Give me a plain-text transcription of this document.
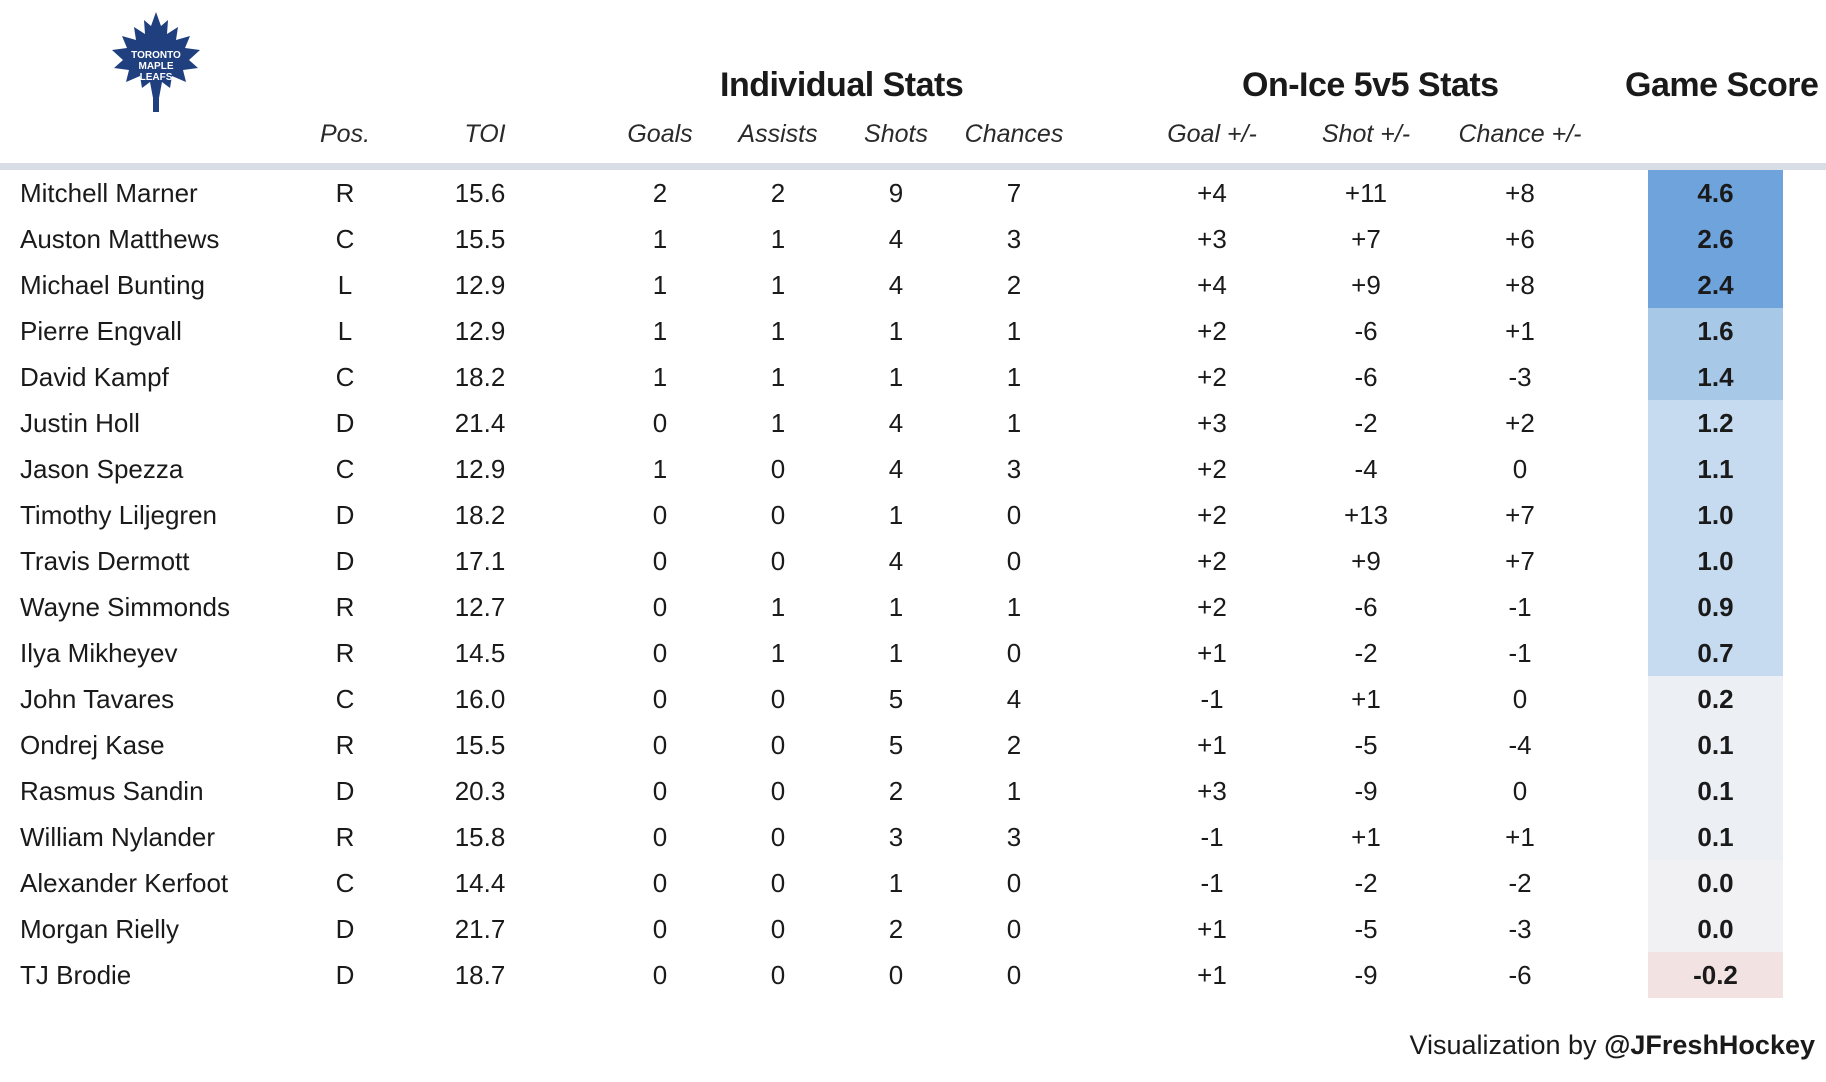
TORONTO
MAPLE
LEAFS	Individual Stats	On-Ice 5v5 Stats	Game Score
Pos.	TOI	Goals Assists Shots Chances	Goal +/-	Shot +/- Chance +/-
Mitchell Marner	R	15.6	2	2	9	7	+4	+11	+8	4.6
Auston Matthews	C	15.5	1	1	4	3	+3	+7	+6	2.6
Michael Bunting	L	12.9	1	1	4	2	+4	+9	+8	2.4
Pierre Engvall	L	12.9	1	1	1	1	+2	-6	+1	1.6
David Kampf	C	18.2	1	1	1	1	+2	-6	-3	1.4
Justin Holl	D	21.4	0	1	4	1	+3	-2	+2	1.2
Jason Spezza	C	12.9	1	0	4	3	+2	-4	0	1.1
Timothy Liljegren	D	18.2	0	0	1	0	+2	+13	+7	1.0
Travis Dermott	D	17.1	0	0	4	0	+2	+9	+7	1.0
Wayne Simmonds	R	12.7	0	1	1	1	+2	-6	-1	0.9
Ilya Mikheyev	R	14.5	0	1	1	0	+1	-2	-1	0.7
John Tavares	C	16.0	0	0	5	4	-1	+1	0	0.2
Ondrej Kase	R	15.5	0	0	5	2	+1	-5	-4	0.1
Rasmus Sandin	D	20.3	0	0	2	1	+3	-9	0	0.1
William Nylander	R	15.8	0	0	3	3	-1	+1	+1	0.1
Alexander Kerfoot	C	14.4	0	0	1	0	-1	-2	-2	0.0
Morgan Rielly	D	21.7	0	0	2	0	+1	-5	-3	0.0
TJ Brodie	D	18.7	0	0	0	0	+1	-9	-6	-0.2
Visualization by @JFreshHockey
